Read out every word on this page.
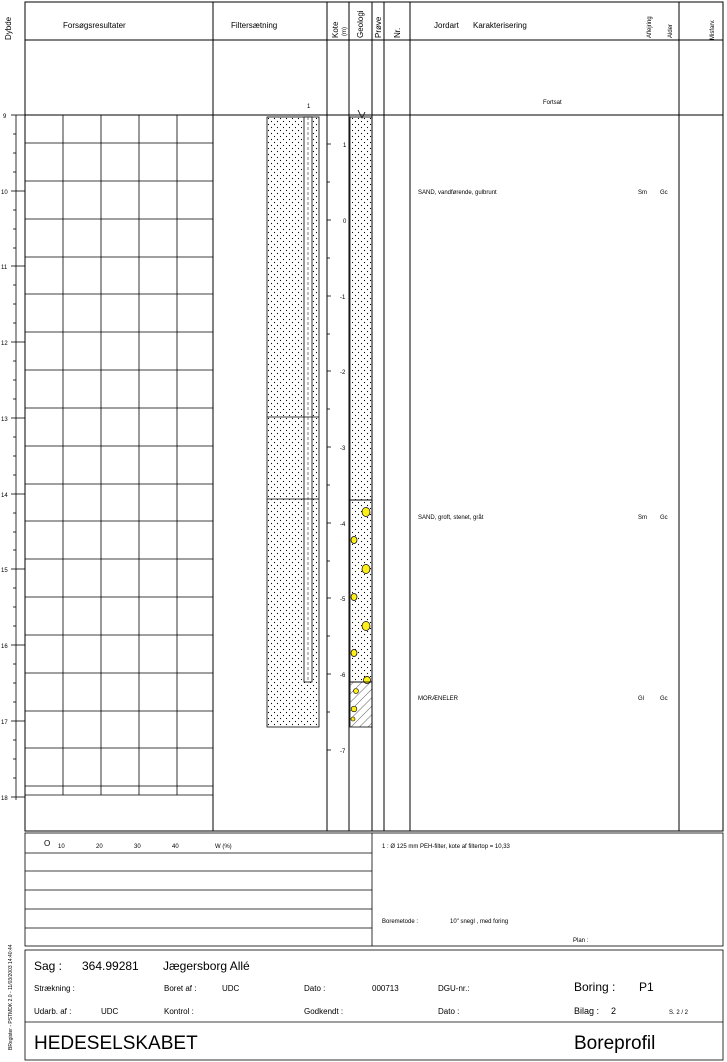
Dybde	Forsøgsresultater	Filtersætning	Kote (m) Geologi Prøve Nr.
Jordart Karakterisering	Aflejring	Alder	Misfarv.
Fortsat
1
9
10
11
12
13
14
15
16
17
18
1
0
-1
-2
-3
-4
-5
-6
-7
SAND, vandførende, gulbrunt	Sm Gc
SAND, groft, stenet, gråt	Sm Gc
MORÆNELER	Gl	Gc
O 10	20	30	40	W (%)	1 : Ø 125 mm PEH-filter, kote af filtertop = 10,33
Boremetode :	10" snegl , med foring
Plan :
BRegister - PSTMDK 2.0 - 11/03/2003 14:40:44 Sag : 364.99281 Jægersborg Allé
Strækning :	Boret af :	UDC	Dato :	000713	DGU-nr.:	Boring : P1
Udarb. af :	UDC	Kontrol :	Godkendt :	Dato :	Bilag : 2	S. 2 / 2
HEDESELSKABET	Boreprofil
